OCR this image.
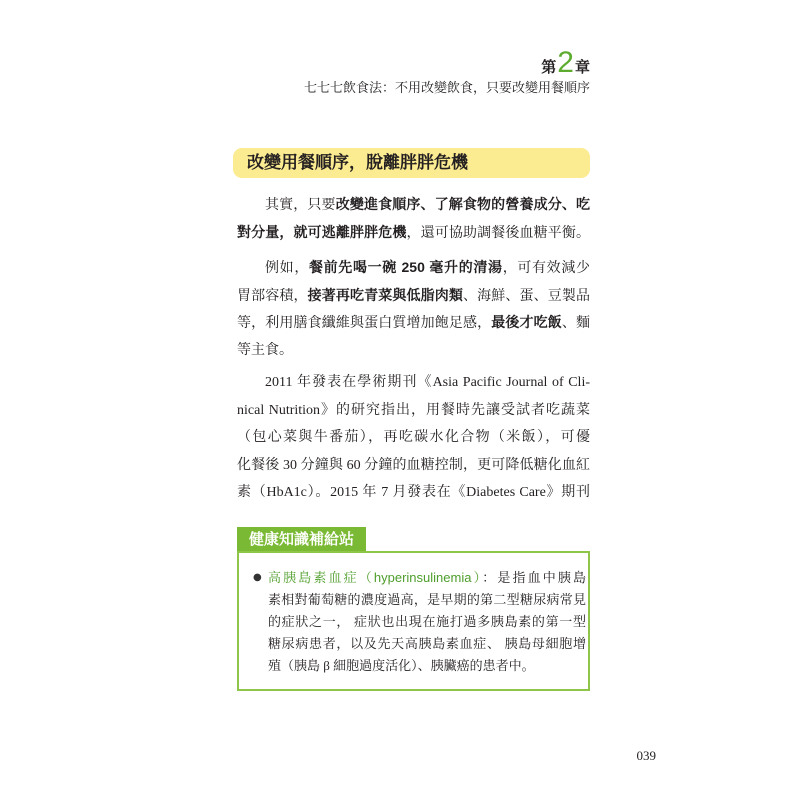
第 2 章
七七七飲食法：不用改變飲食，只要改變用餐順序
改變用餐順序，脫離胖胖危機
其實，只要改變進食順序、了解食物的營養成分、吃
對分量，就可逃離胖胖危機，還可協助調餐後血糖平衡。
例如，餐前先喝一碗 250 毫升的清湯，可有效減少
胃部容積，接著再吃青菜與低脂肉類、海鮮、蛋、豆製品
等，利用膳食纖維與蛋白質增加飽足感，最後才吃飯、麵
等主食。
2011 年發表在學術期刊《Asia Pacific Journal of Cli-
nical Nutrition》的研究指出，用餐時先讓受試者吃蔬菜
（包心菜與牛番茄），再吃碳水化合物（米飯），可優
化餐後 30 分鐘與 60 分鐘的血糖控制，更可降低糖化血紅
素（HbA1c）。2015 年 7 月發表在《Diabetes Care》期刊
健康知識補給站
● 高胰島素血症（hyperinsulinemia）：是指血中胰島
素相對葡萄糖的濃度過高，是早期的第二型糖尿病常見
的症狀之一， 症狀也出現在施打過多胰島素的第一型
糖尿病患者，以及先天高胰島素血症、 胰島母細胞增
殖（胰島 β 細胞過度活化）、胰臟癌的患者中。
039
